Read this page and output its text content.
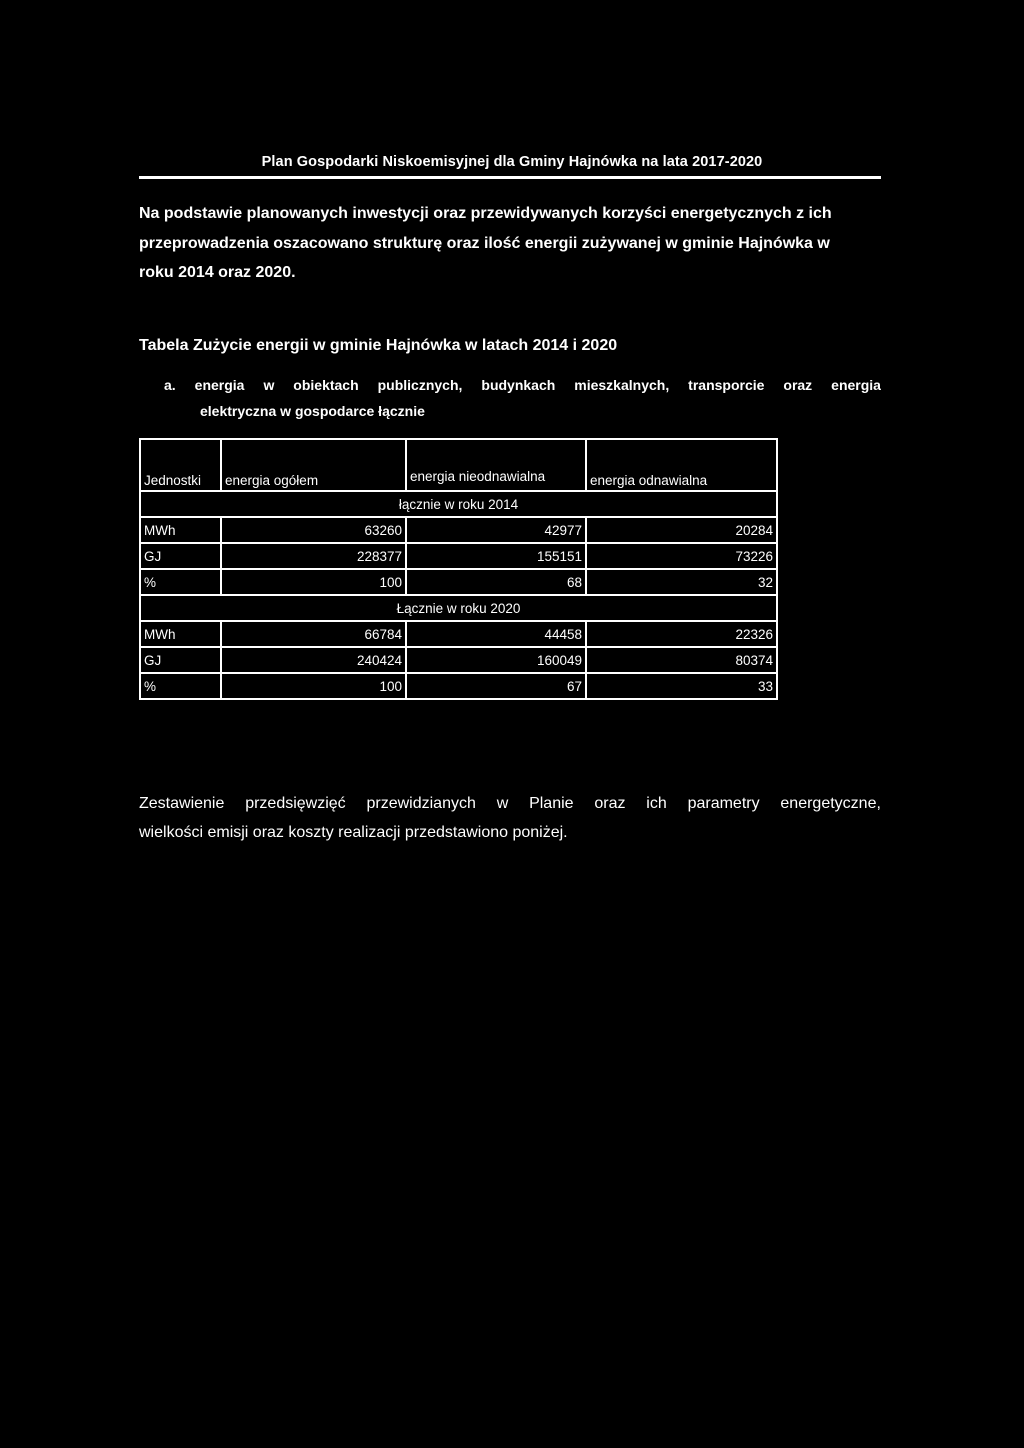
Plan Gospodarki Niskoemisyjnej dla Gminy Hajnówka na lata 2017-2020
Na podstawie planowanych inwestycji oraz przewidywanych korzyści energetycznych z ich
przeprowadzenia oszacowano strukturę oraz ilość energii zużywanej w gminie Hajnówka w
roku 2014 oraz 2020.
Tabela Zużycie energii w gminie Hajnówka w latach 2014 i 2020
a. energia w obiektach publicznych, budynkach mieszkalnych, transporcie oraz energia
elektryczna w gospodarce łącznie
Jednostki	energia ogółem	energia nieodnawialna	energia odnawialna
łącznie w roku 2014			
MWh	63260	42977	20284
GJ	228377	155151	73226
%	100	68	32
Łącznie w roku 2020			
MWh	66784	44458	22326
GJ	240424	160049	80374
%	100	67	33
Zestawienie przedsięwzięć przewidzianych w Planie oraz ich parametry energetyczne,
wielkości emisji oraz koszty realizacji przedstawiono poniżej.
